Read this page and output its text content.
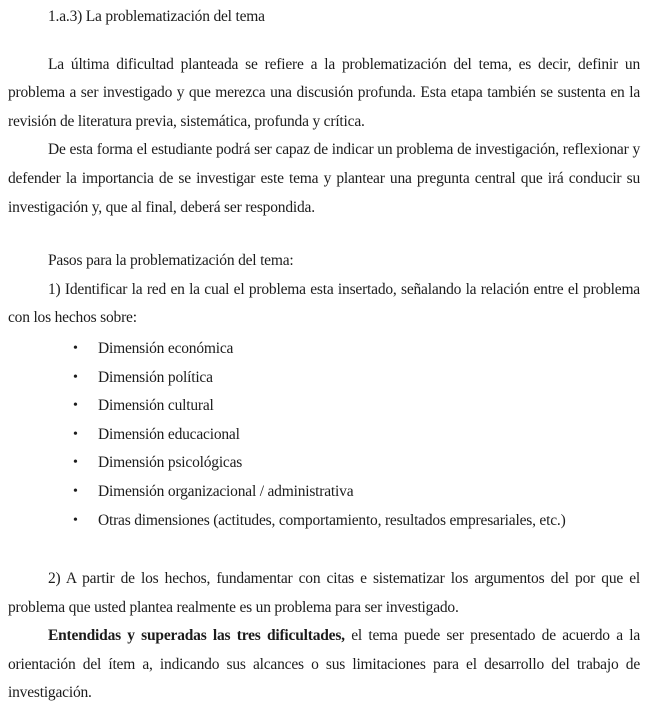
1.a.3) La problematización del tema

La última dificultad planteada se refiere a la problematización del tema, es decir, definir un problema a ser investigado y que merezca una discusión profunda. Esta etapa también se sustenta en la revisión de literatura previa, sistemática, profunda y crítica.

De esta forma el estudiante podrá ser capaz de indicar un problema de investigación, reflexionar y defender la importancia de se investigar este tema y plantear una pregunta central que irá conducir su investigación y, que al final, deberá ser respondida.

Pasos para la problematización del tema:

1) Identificar la red en la cual el problema esta insertado, señalando la relación entre el problema con los hechos sobre:

• Dimensión económica
• Dimensión política
• Dimensión cultural
• Dimensión educacional
• Dimensión psicológicas
• Dimensión organizacional / administrativa
• Otras dimensiones (actitudes, comportamiento, resultados empresariales, etc.)

2) A partir de los hechos, fundamentar con citas e sistematizar los argumentos del por que el problema que usted plantea realmente es un problema para ser investigado.

Entendidas y superadas las tres dificultades, el tema puede ser presentado de acuerdo a la orientación del ítem a, indicando sus alcances o sus limitaciones para el desarrollo del trabajo de investigación.
